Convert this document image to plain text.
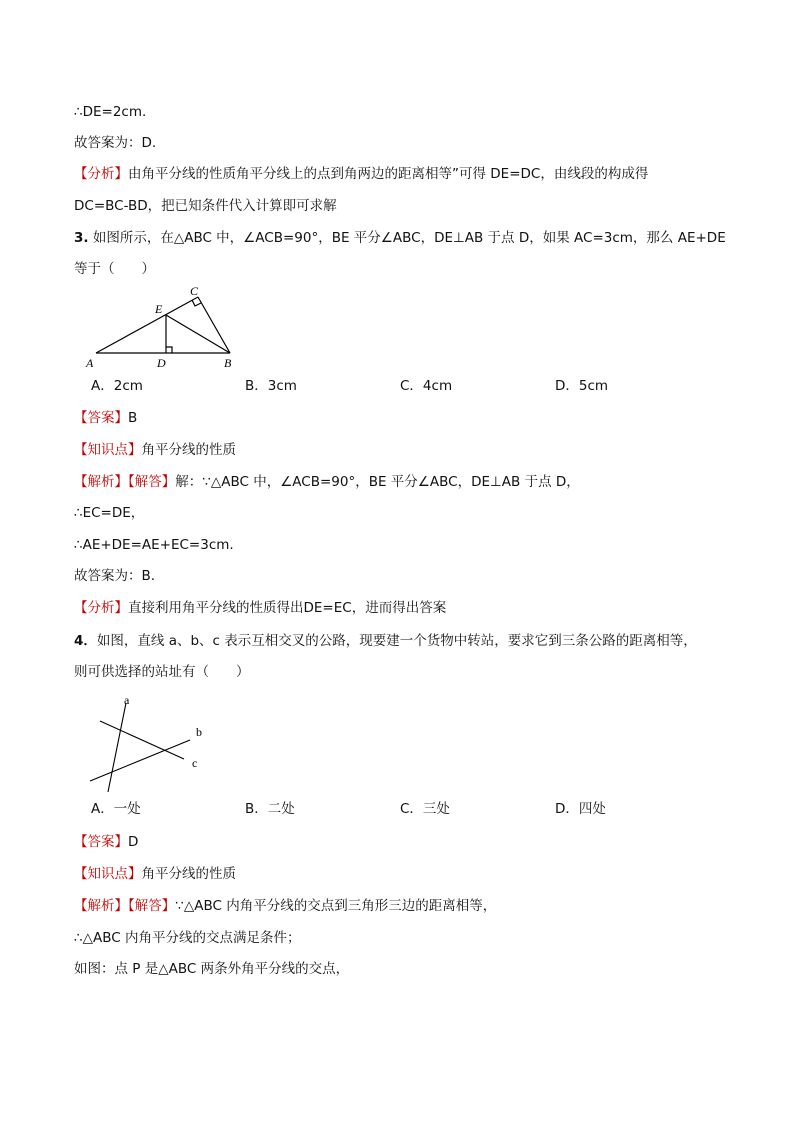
∴DE=2cm.
故答案为：D.
【分析】由角平分线的性质角平分线上的点到角两边的距离相等”可得 DE=DC，由线段的构成得
DC=BC-BD，把已知条件代入计算即可求解
3. 如图所示，在△ABC 中，∠ACB=90°，BE 平分∠ABC，DE⊥AB 于点 D，如果 AC=3cm，那么 AE+DE
等于（　　）
A	B
C
D
E
A．2cm	B．3cm	C．4cm	D．5cm
【答案】B
【知识点】角平分线的性质
【解析】【解答】解：∵△ABC 中，∠ACB=90°，BE 平分∠ABC，DE⊥AB 于点 D，
∴EC=DE，
∴AE+DE=AE+EC=3cm.
故答案为：B.
【分析】直接利用角平分线的性质得出DE=EC，进而得出答案
4．如图，直线 a、b、c 表示互相交叉的公路，现要建一个货物中转站，要求它到三条公路的距离相等，
则可供选择的站址有（　　）
a
b
c
A．一处	B．二处	C．三处	D．四处
【答案】D
【知识点】角平分线的性质
【解析】【解答】∵△ABC 内角平分线的交点到三角形三边的距离相等，
∴△ABC 内角平分线的交点满足条件；
如图：点 P 是△ABC 两条外角平分线的交点，
